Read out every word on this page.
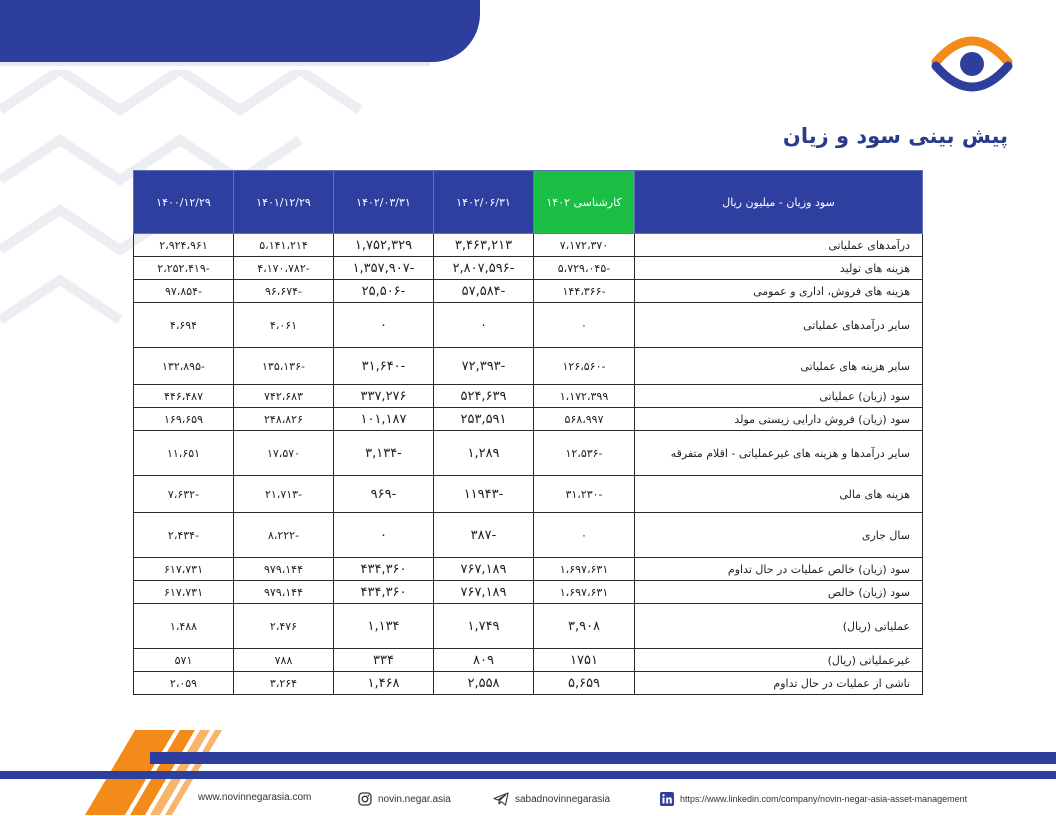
پیش بینی سود و زیان
سود وزیان - میلیون ریال	کارشناسی ۱۴۰۲	۱۴۰۲/۰۶/۳۱	۱۴۰۲/۰۳/۳۱	۱۴۰۱/۱۲/۲۹	۱۴۰۰/۱۲/۲۹
درآمدهای عملیاتی	۷،۱۷۲،۳۷۰	۳,۴۶۳,۲۱۳	۱,۷۵۲,۳۲۹	۵،۱۴۱،۲۱۴	۲،۹۲۴،۹۶۱
هزینه های تولید	-۵،۷۲۹،۰۴۵	-۲,۸۰۷,۵۹۶	-۱,۳۵۷,۹۰۷	-۴،۱۷۰،۷۸۲	-۲،۲۵۲،۴۱۹
هزینه های فروش، اداری و عمومی	-۱۴۴،۳۶۶	-۵۷,۵۸۴	-۲۵,۵۰۶	-۹۶،۶۷۴	-۹۷،۸۵۴
سایر درآمدهای عملیاتی	۰	۰	۰	۴،۰۶۱	۴،۶۹۴
سایر هزینه های عملیاتی	-۱۲۶،۵۶۰	-۷۲,۳۹۳	-۳۱,۶۴۰	-۱۳۵،۱۳۶	-۱۳۲،۸۹۵
سود (زیان) عملیاتی	۱،۱۷۲،۳۹۹	۵۲۴,۶۳۹	۳۳۷,۲۷۶	۷۴۲،۶۸۳	۴۴۶،۴۸۷
سود (زیان) فروش دارایی زیستی مولد	۵۶۸،۹۹۷	۲۵۳,۵۹۱	۱۰۱,۱۸۷	۲۴۸،۸۲۶	۱۶۹،۶۵۹
سایر درآمدها و هزینه های غیرعملیاتی - اقلام متفرقه	-۱۲،۵۳۶	۱,۲۸۹	-۳,۱۳۴	۱۷،۵۷۰	۱۱،۶۵۱
هزینه های مالی	-۳۱،۲۳۰	-۱۱۹۴۳	-۹۶۹	-۲۱،۷۱۳	-۷،۶۳۲
سال جاری	۰	-۳۸۷	۰	-۸،۲۲۲	-۲،۴۳۴
سود (زیان) خالص عملیات در حال تداوم	۱،۶۹۷،۶۳۱	۷۶۷,۱۸۹	۴۳۴,۳۶۰	۹۷۹،۱۴۴	۶۱۷،۷۳۱
سود (زیان) خالص	۱،۶۹۷،۶۳۱	۷۶۷,۱۸۹	۴۳۴,۳۶۰	۹۷۹،۱۴۴	۶۱۷،۷۳۱
عملیاتی (ریال)	۳,۹۰۸	۱,۷۴۹	۱,۱۳۴	۲،۴۷۶	۱،۴۸۸
غیرعملیاتی (ریال)	۱۷۵۱	۸۰۹	۳۳۴	۷۸۸	۵۷۱
ناشی از عملیات در حال تداوم	۵,۶۵۹	۲,۵۵۸	۱,۴۶۸	۳،۲۶۴	۲،۰۵۹
www.novinnegarasia.com	novin.negar.asia	sabadnovinnegarasia	https://www.linkedin.com/company/novin-negar-asia-asset-management
